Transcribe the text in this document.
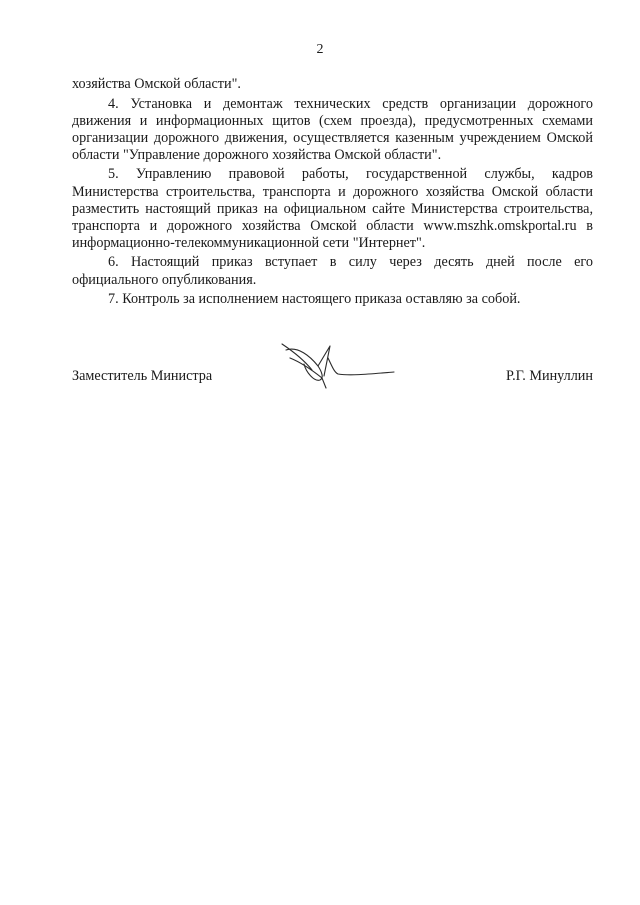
2

хозяйства Омской области".

4. Установка и демонтаж технических средств организации дорожного движения и информационных щитов (схем проезда), предусмотренных схемами организации дорожного движения, осуществляется казенным учреждением Омской области "Управление дорожного хозяйства Омской области".

5. Управлению правовой работы, государственной службы, кадров Министерства строительства, транспорта и дорожного хозяйства Омской области разместить настоящий приказ на официальном сайте Министерства строительства, транспорта и дорожного хозяйства Омской области www.mszhk.omskportal.ru в информационно-телекоммуникационной сети "Интернет".

6. Настоящий приказ вступает в силу через десять дней после его официального опубликования.

7. Контроль за исполнением настоящего приказа оставляю за собой.

Заместитель Министра	Р.Г. Минуллин
